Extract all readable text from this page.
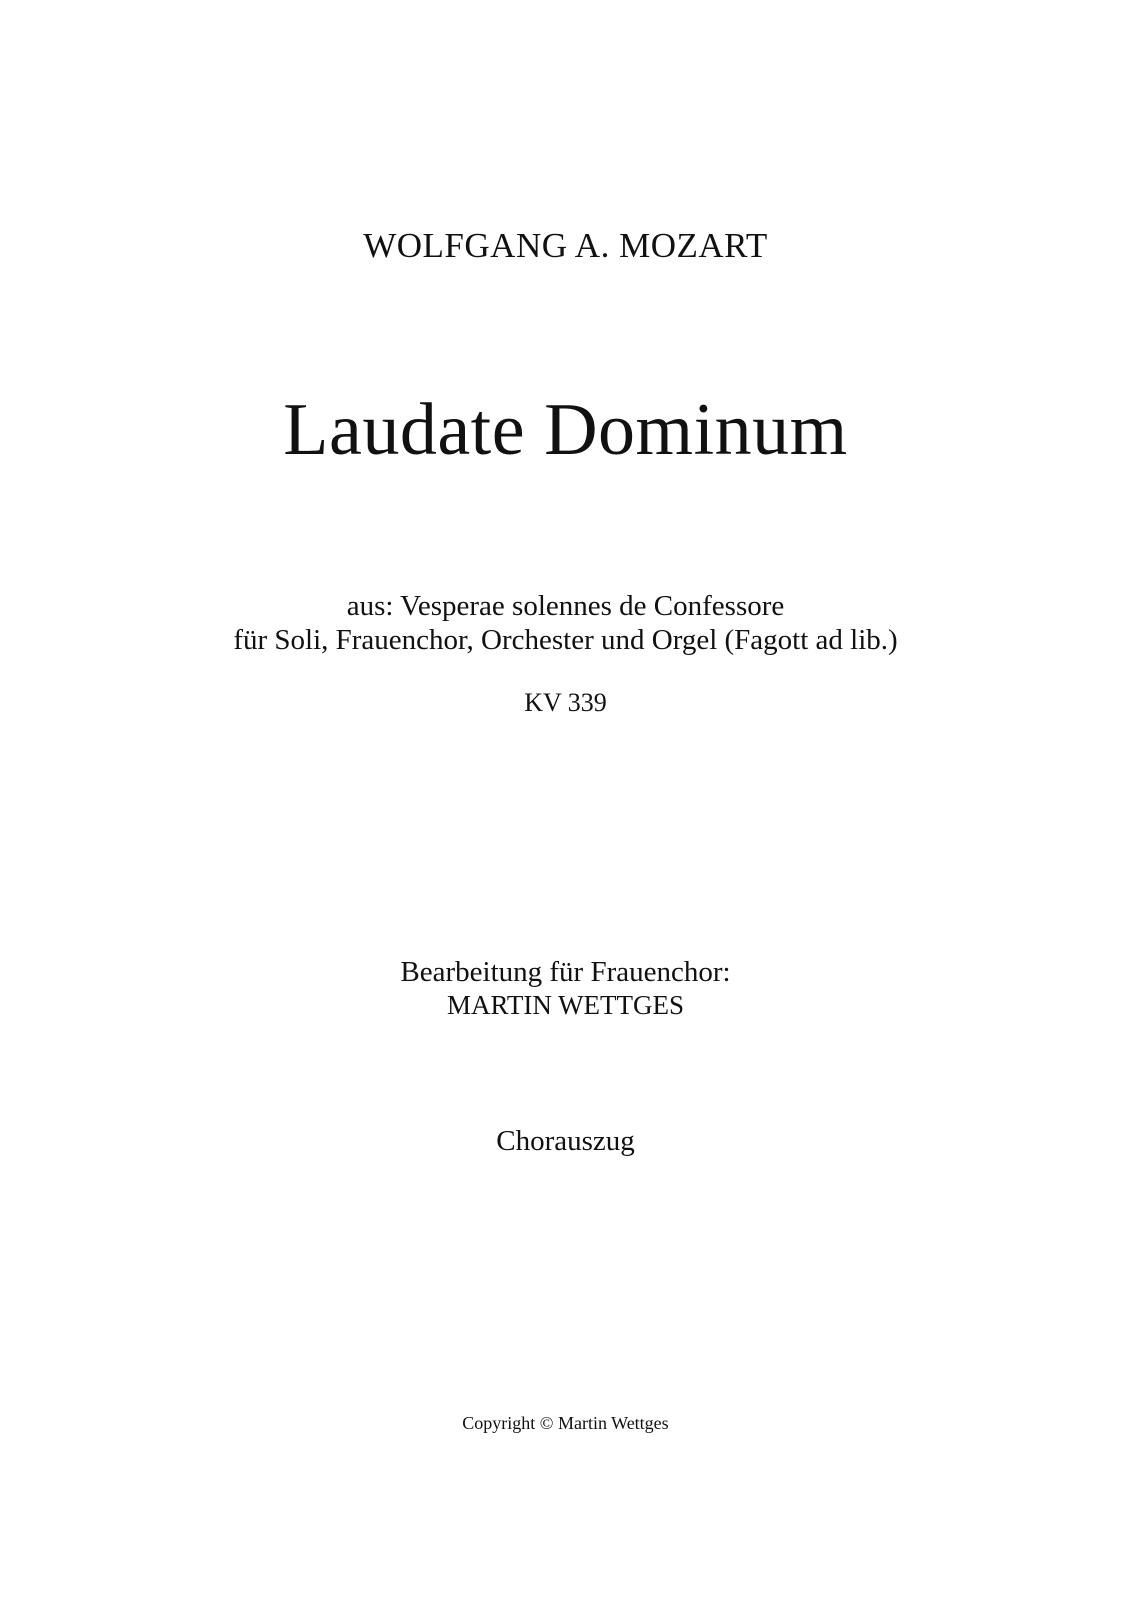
WOLFGANG A. MOZART
Laudate Dominum
aus: Vesperae solennes de Confessore
für Soli, Frauenchor, Orchester und Orgel (Fagott ad lib.)
KV 339
Bearbeitung für Frauenchor:
MARTIN WETTGES
Chorauszug
Copyright © Martin Wettges
